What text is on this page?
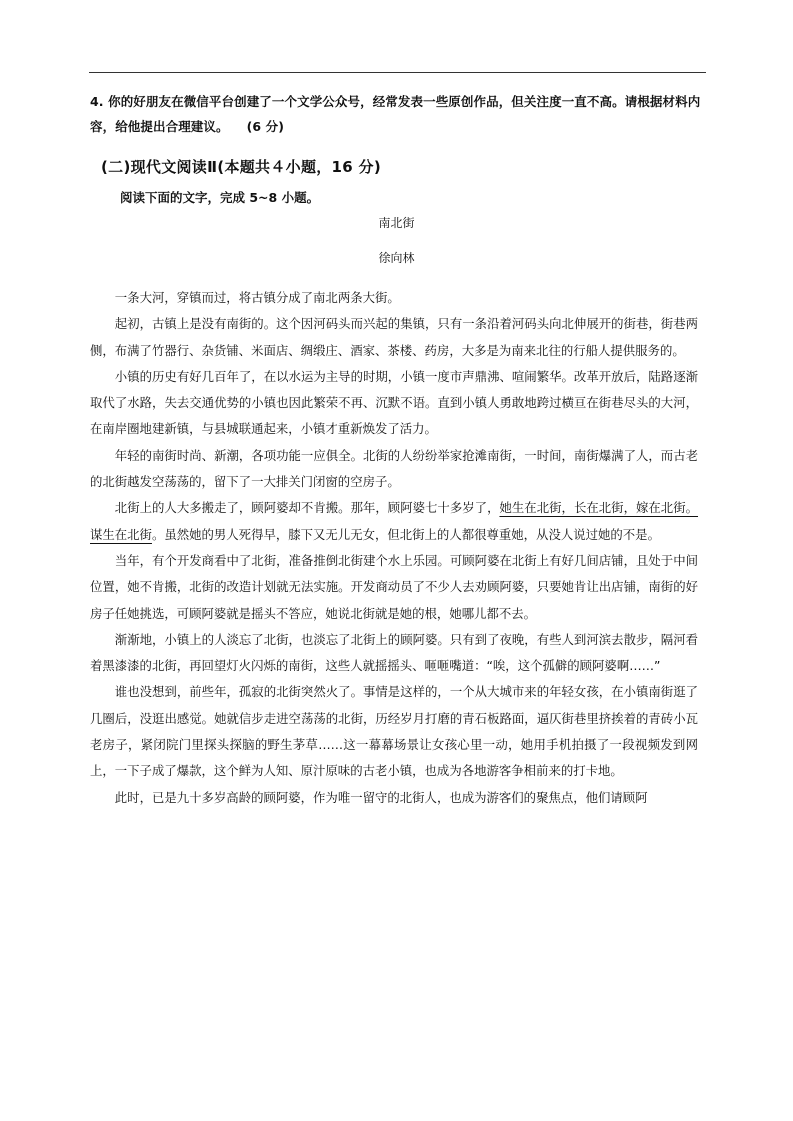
4. 你的好朋友在微信平台创建了一个文学公众号，经常发表一些原创作品，但关注度一直不高。请根据材料内容，给他提出合理建议。 (6 分)
(二)现代文阅读Ⅱ(本题共４小题，16 分)
阅读下面的文字，完成 5~8 小题。
南北街
徐向林

一条大河，穿镇而过，将古镇分成了南北两条大街。

起初，古镇上是没有南街的。这个因河码头而兴起的集镇，只有一条沿着河码头向北伸展开的街巷，街巷两侧，布满了竹器行、杂货铺、米面店、绸缎庄、酒家、茶楼、药房，大多是为南来北往的行船人提供服务的。

小镇的历史有好几百年了，在以水运为主导的时期，小镇一度市声鼎沸、喧闹繁华。改革开放后，陆路逐渐取代了水路，失去交通优势的小镇也因此繁荣不再、沉默不语。直到小镇人勇敢地跨过横亘在街巷尽头的大河，在南岸圈地建新镇，与县城联通起来，小镇才重新焕发了活力。

年轻的南街时尚、新潮，各项功能一应俱全。北街的人纷纷举家抢滩南街，一时间，南街爆满了人，而古老的北街越发空荡荡的，留下了一大排关门闭窗的空房子。

北街上的人大多搬走了，顾阿婆却不肯搬。那年，顾阿婆七十多岁了，她生在北街，长在北街，嫁在北街。谋生在北街。虽然她的男人死得早，膝下又无儿无女，但北街上的人都很尊重她，从没人说过她的不是。

当年，有个开发商看中了北街，准备推倒北街建个水上乐园。可顾阿婆在北街上有好几间店铺，且处于中间位置，她不肯搬，北街的改造计划就无法实施。开发商动员了不少人去劝顾阿婆，只要她肯让出店铺，南街的好房子任她挑选，可顾阿婆就是摇头不答应，她说北街就是她的根，她哪儿都不去。

渐渐地，小镇上的人淡忘了北街，也淡忘了北街上的顾阿婆。只有到了夜晚，有些人到河滨去散步，隔河看着黑漆漆的北街，再回望灯火闪烁的南街，这些人就摇摇头、咂咂嘴道：“唉，这个孤僻的顾阿婆啊……”

谁也没想到，前些年，孤寂的北街突然火了。事情是这样的，一个从大城市来的年轻女孩，在小镇南街逛了几圈后，没逛出感觉。她就信步走进空荡荡的北街，历经岁月打磨的青石板路面，逼仄街巷里挤挨着的青砖小瓦老房子，紧闭院门里探头探脑的野生茅草……这一幕幕场景让女孩心里一动，她用手机拍摄了一段视频发到网上，一下子成了爆款，这个鲜为人知、原汁原味的古老小镇，也成为各地游客争相前来的打卡地。

此时，已是九十多岁高龄的顾阿婆，作为唯一留守的北街人，也成为游客们的聚焦点，他们请顾阿
